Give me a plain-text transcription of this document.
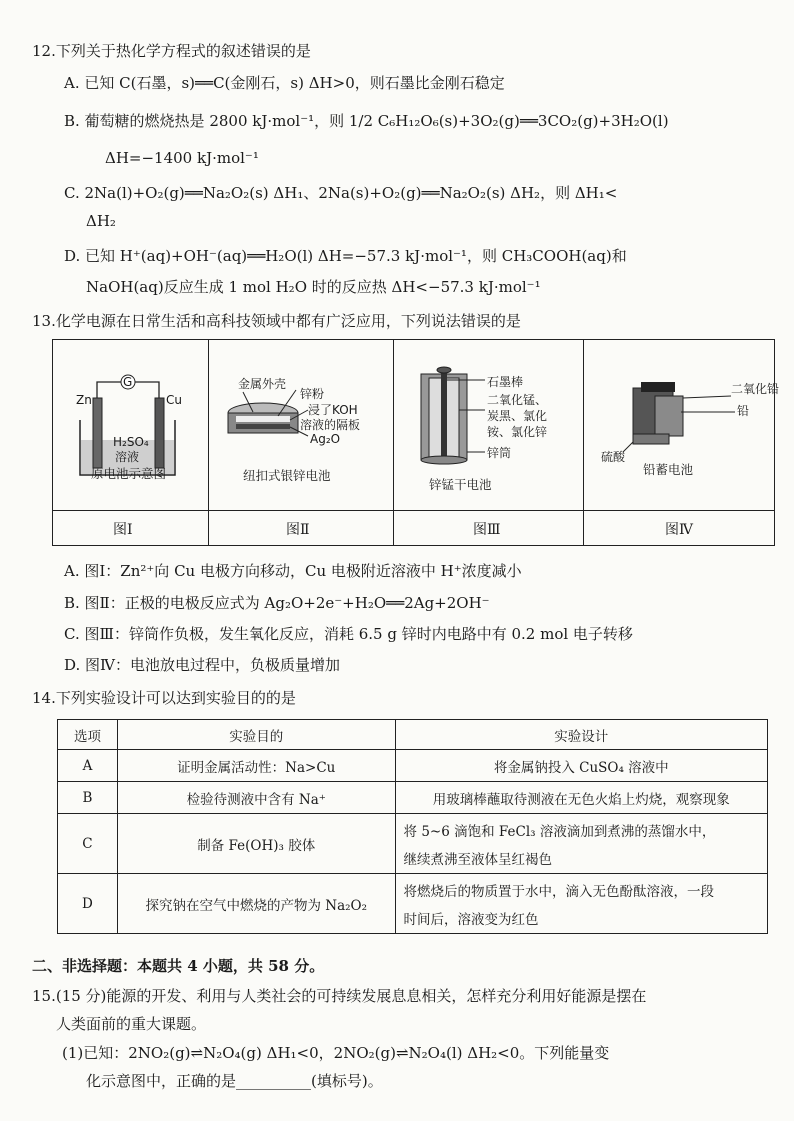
12.下列关于热化学方程式的叙述错误的是
A. 已知 C(石墨，s)══C(金刚石，s) ΔH>0，则石墨比金刚石稳定
B. 葡萄糖的燃烧热是 2800 kJ·mol⁻¹，则 1/2 C₆H₁₂O₆(s)+3O₂(g)══3CO₂(g)+3H₂O(l)
ΔH=−1400 kJ·mol⁻¹
C. 2Na(l)+O₂(g)══Na₂O₂(s) ΔH₁、2Na(s)+O₂(g)══Na₂O₂(s) ΔH₂，则 ΔH₁<
ΔH₂
D. 已知 H⁺(aq)+OH⁻(aq)══H₂O(l) ΔH=−57.3 kJ·mol⁻¹，则 CH₃COOH(aq)和
NaOH(aq)反应生成 1 mol H₂O 时的反应热 ΔH<−57.3 kJ·mol⁻¹
13.化学电源在日常生活和高科技领域中都有广泛应用，下列说法错误的是
G
Zn	Cu
H₂SO₄
溶液
原电池示意图
金属外壳
锌粉
浸了KOH
溶液的隔板
Ag₂O
纽扣式银锌电池
石墨棒
二氧化锰、
炭黑、氯化
铵、氯化锌
锌筒
锌锰干电池
二氧化铅
铅
硫酸
铅蓄电池
图Ⅰ	图Ⅱ	图Ⅲ	图Ⅳ
A. 图Ⅰ：Zn²⁺向 Cu 电极方向移动，Cu 电极附近溶液中 H⁺浓度减小
B. 图Ⅱ：正极的电极反应式为 Ag₂O+2e⁻+H₂O══2Ag+2OH⁻
C. 图Ⅲ：锌筒作负极，发生氧化反应，消耗 6.5 g 锌时内电路中有 0.2 mol 电子转移
D. 图Ⅳ：电池放电过程中，负极质量增加
14.下列实验设计可以达到实验目的的是
选项	实验目的	实验设计
A	证明金属活动性：Na>Cu	将金属钠投入 CuSO₄ 溶液中
B	检验待测液中含有 Na⁺	用玻璃棒蘸取待测液在无色火焰上灼烧，观察现象
C	制备 Fe(OH)₃ 胶体	将 5~6 滴饱和 FeCl₃ 溶液滴加到煮沸的蒸馏水中，
继续煮沸至液体呈红褐色

D	探究钠在空气中燃烧的产物为 Na₂O₂	将燃烧后的物质置于水中，滴入无色酚酞溶液，一段
时间后，溶液变为红色
二、非选择题：本题共 4 小题，共 58 分。
15.(15 分)能源的开发、利用与人类社会的可持续发展息息相关，怎样充分利用好能源是摆在
人类面前的重大课题。
(1)已知：2NO₂(g)⇌N₂O₄(g) ΔH₁<0，2NO₂(g)⇌N₂O₄(l) ΔH₂<0。下列能量变
化示意图中，正确的是__________(填标号)。
